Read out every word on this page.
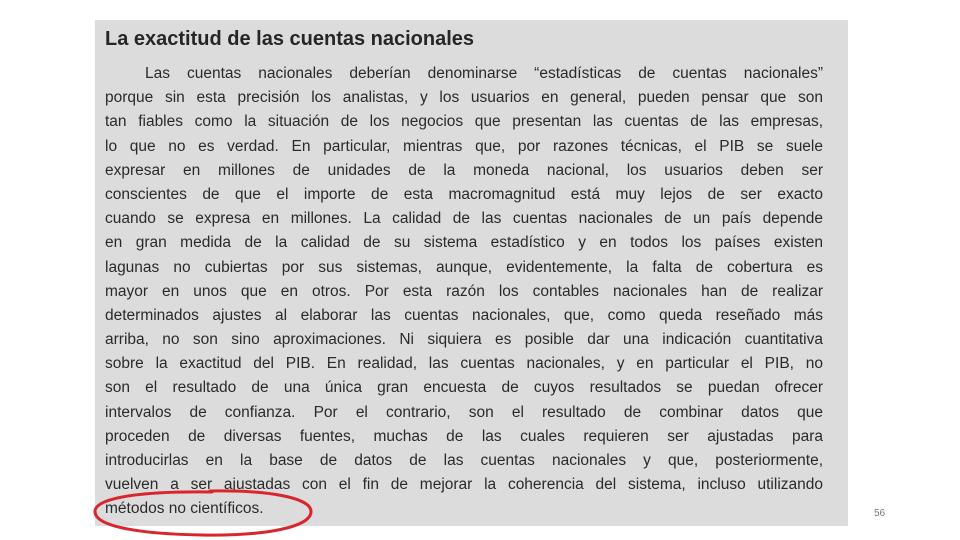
La exactitud de las cuentas nacionales
Las cuentas nacionales deberían denominarse “estadísticas de cuentas nacionales”
porque sin esta precisión los analistas, y los usuarios en general, pueden pensar que son
tan fiables como la situación de los negocios que presentan las cuentas de las empresas,
lo que no es verdad. En particular, mientras que, por razones técnicas, el PIB se suele
expresar en millones de unidades de la moneda nacional, los usuarios deben ser
conscientes de que el importe de esta macromagnitud está muy lejos de ser exacto
cuando se expresa en millones. La calidad de las cuentas nacionales de un país depende
en gran medida de la calidad de su sistema estadístico y en todos los países existen
lagunas no cubiertas por sus sistemas, aunque, evidentemente, la falta de cobertura es
mayor en unos que en otros. Por esta razón los contables nacionales han de realizar
determinados ajustes al elaborar las cuentas nacionales, que, como queda reseñado más
arriba, no son sino aproximaciones. Ni siquiera es posible dar una indicación cuantitativa
sobre la exactitud del PIB. En realidad, las cuentas nacionales, y en particular el PIB, no
son el resultado de una única gran encuesta de cuyos resultados se puedan ofrecer
intervalos de confianza. Por el contrario, son el resultado de combinar datos que
proceden de diversas fuentes, muchas de las cuales requieren ser ajustadas para
introducirlas en la base de datos de las cuentas nacionales y que, posteriormente,
vuelven a ser ajustadas con el fin de mejorar la coherencia del sistema, incluso utilizando
métodos no científicos.	56
